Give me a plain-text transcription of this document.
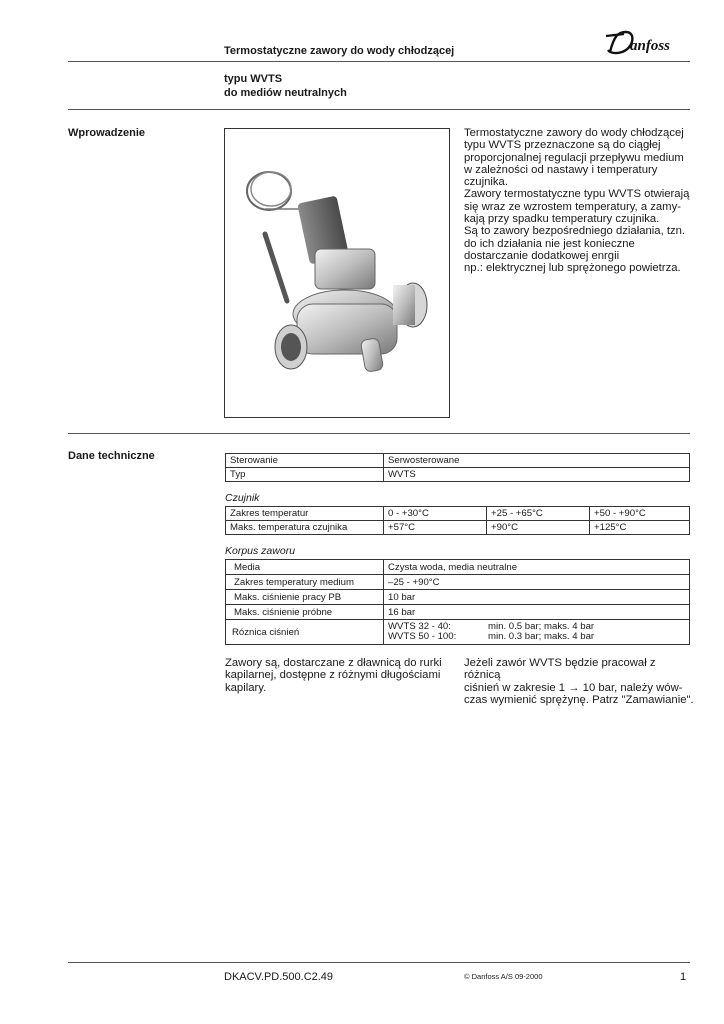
Termostatyczne zawory do wody chłodzącej	anfoss
typu WVTS
do mediów neutralnych
Wprowadzenie	Termostatyczne zawory do wody chłodzącej
typu WVTS przeznaczone są do ciągłej
proporcjonalnej regulacji przepływu medium
w zależności od nastawy i temperatury
czujnika.
Zawory termostatyczne typu WVTS otwierają
się wraz ze wzrostem temperatury, a zamy-
kają przy spadku temperatury czujnika.
Są to zawory bezpośredniego działania, tzn.
do ich działania nie jest konieczne
dostarczanie dodatkowej enrgii
np.: elektrycznej lub sprężonego powietrza.
Dane techniczne	Sterowanie	Serwosterowane
Typ	WVTS
Czujnik
Zakres temperatur	0 - +30°C	+25 - +65°C	+50 - +90°C
Maks. temperatura czujnika	+57°C	+90°C	+125°C
Korpus zaworu
Media	Czysta woda, media neutralne
Zakres temperatury medium	–25 - +90°C
Maks. ciśnienie pracy PB	10 bar
Maks. ciśnienie próbne	16 bar
Róznica ciśnień	WVTS 32 - 40: min. 0.5 bar; maks. 4 bar
WVTS 50 - 100: min. 0.3 bar; maks. 4 bar
Zawory są, dostarczane z dławnicą do rurki
kapilarnej, dostępne z różnymi długościami
kapilary.
Jeżeli zawór WVTS będzie pracował z różnicą
ciśnień w zakresie 1 → 10 bar, należy wów-
czas wymienić sprężynę. Patrz "Zamawianie".
DKACV.PD.500.C2.49	© Danfoss A/S 09-2000	1
